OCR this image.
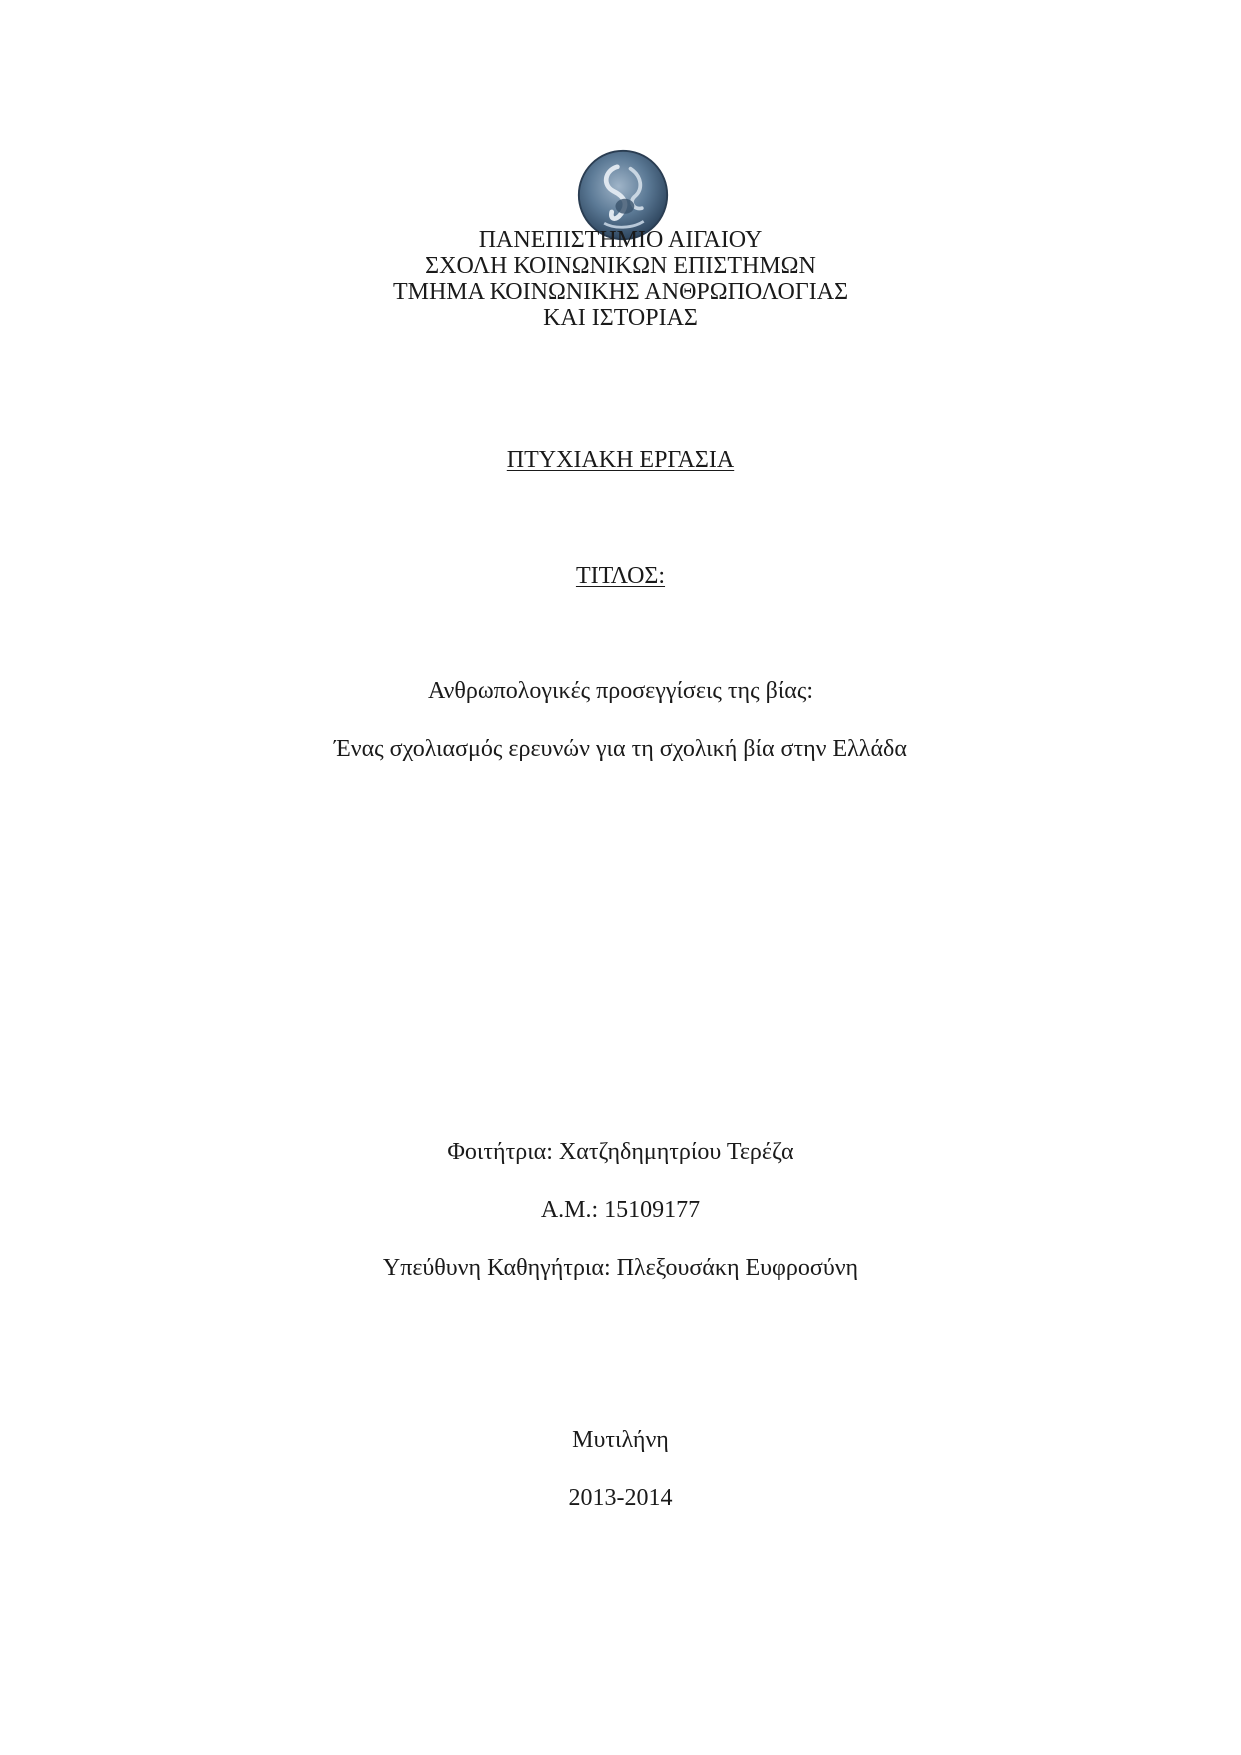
ΠΑΝΕΠΙΣΤΗΜΙΟ ΑΙΓΑΙΟΥ
ΣΧΟΛΗ ΚΟΙΝΩΝΙΚΩΝ ΕΠΙΣΤΗΜΩΝ
ΤΜΗΜΑ ΚΟΙΝΩΝΙΚΗΣ ΑΝΘΡΩΠΟΛΟΓΙΑΣ
ΚΑΙ ΙΣΤΟΡΙΑΣ
ΠΤΥΧΙΑΚΗ ΕΡΓΑΣΙΑ
ΤΙΤΛΟΣ:
Ανθρωπολογικές προσεγγίσεις της βίας:
Ένας σχολιασμός ερευνών για τη σχολική βία στην Ελλάδα
Φοιτήτρια: Χατζηδημητρίου Τερέζα
Α.Μ.: 15109177
Υπεύθυνη Καθηγήτρια: Πλεξουσάκη Ευφροσύνη
Μυτιλήνη
2013-2014
